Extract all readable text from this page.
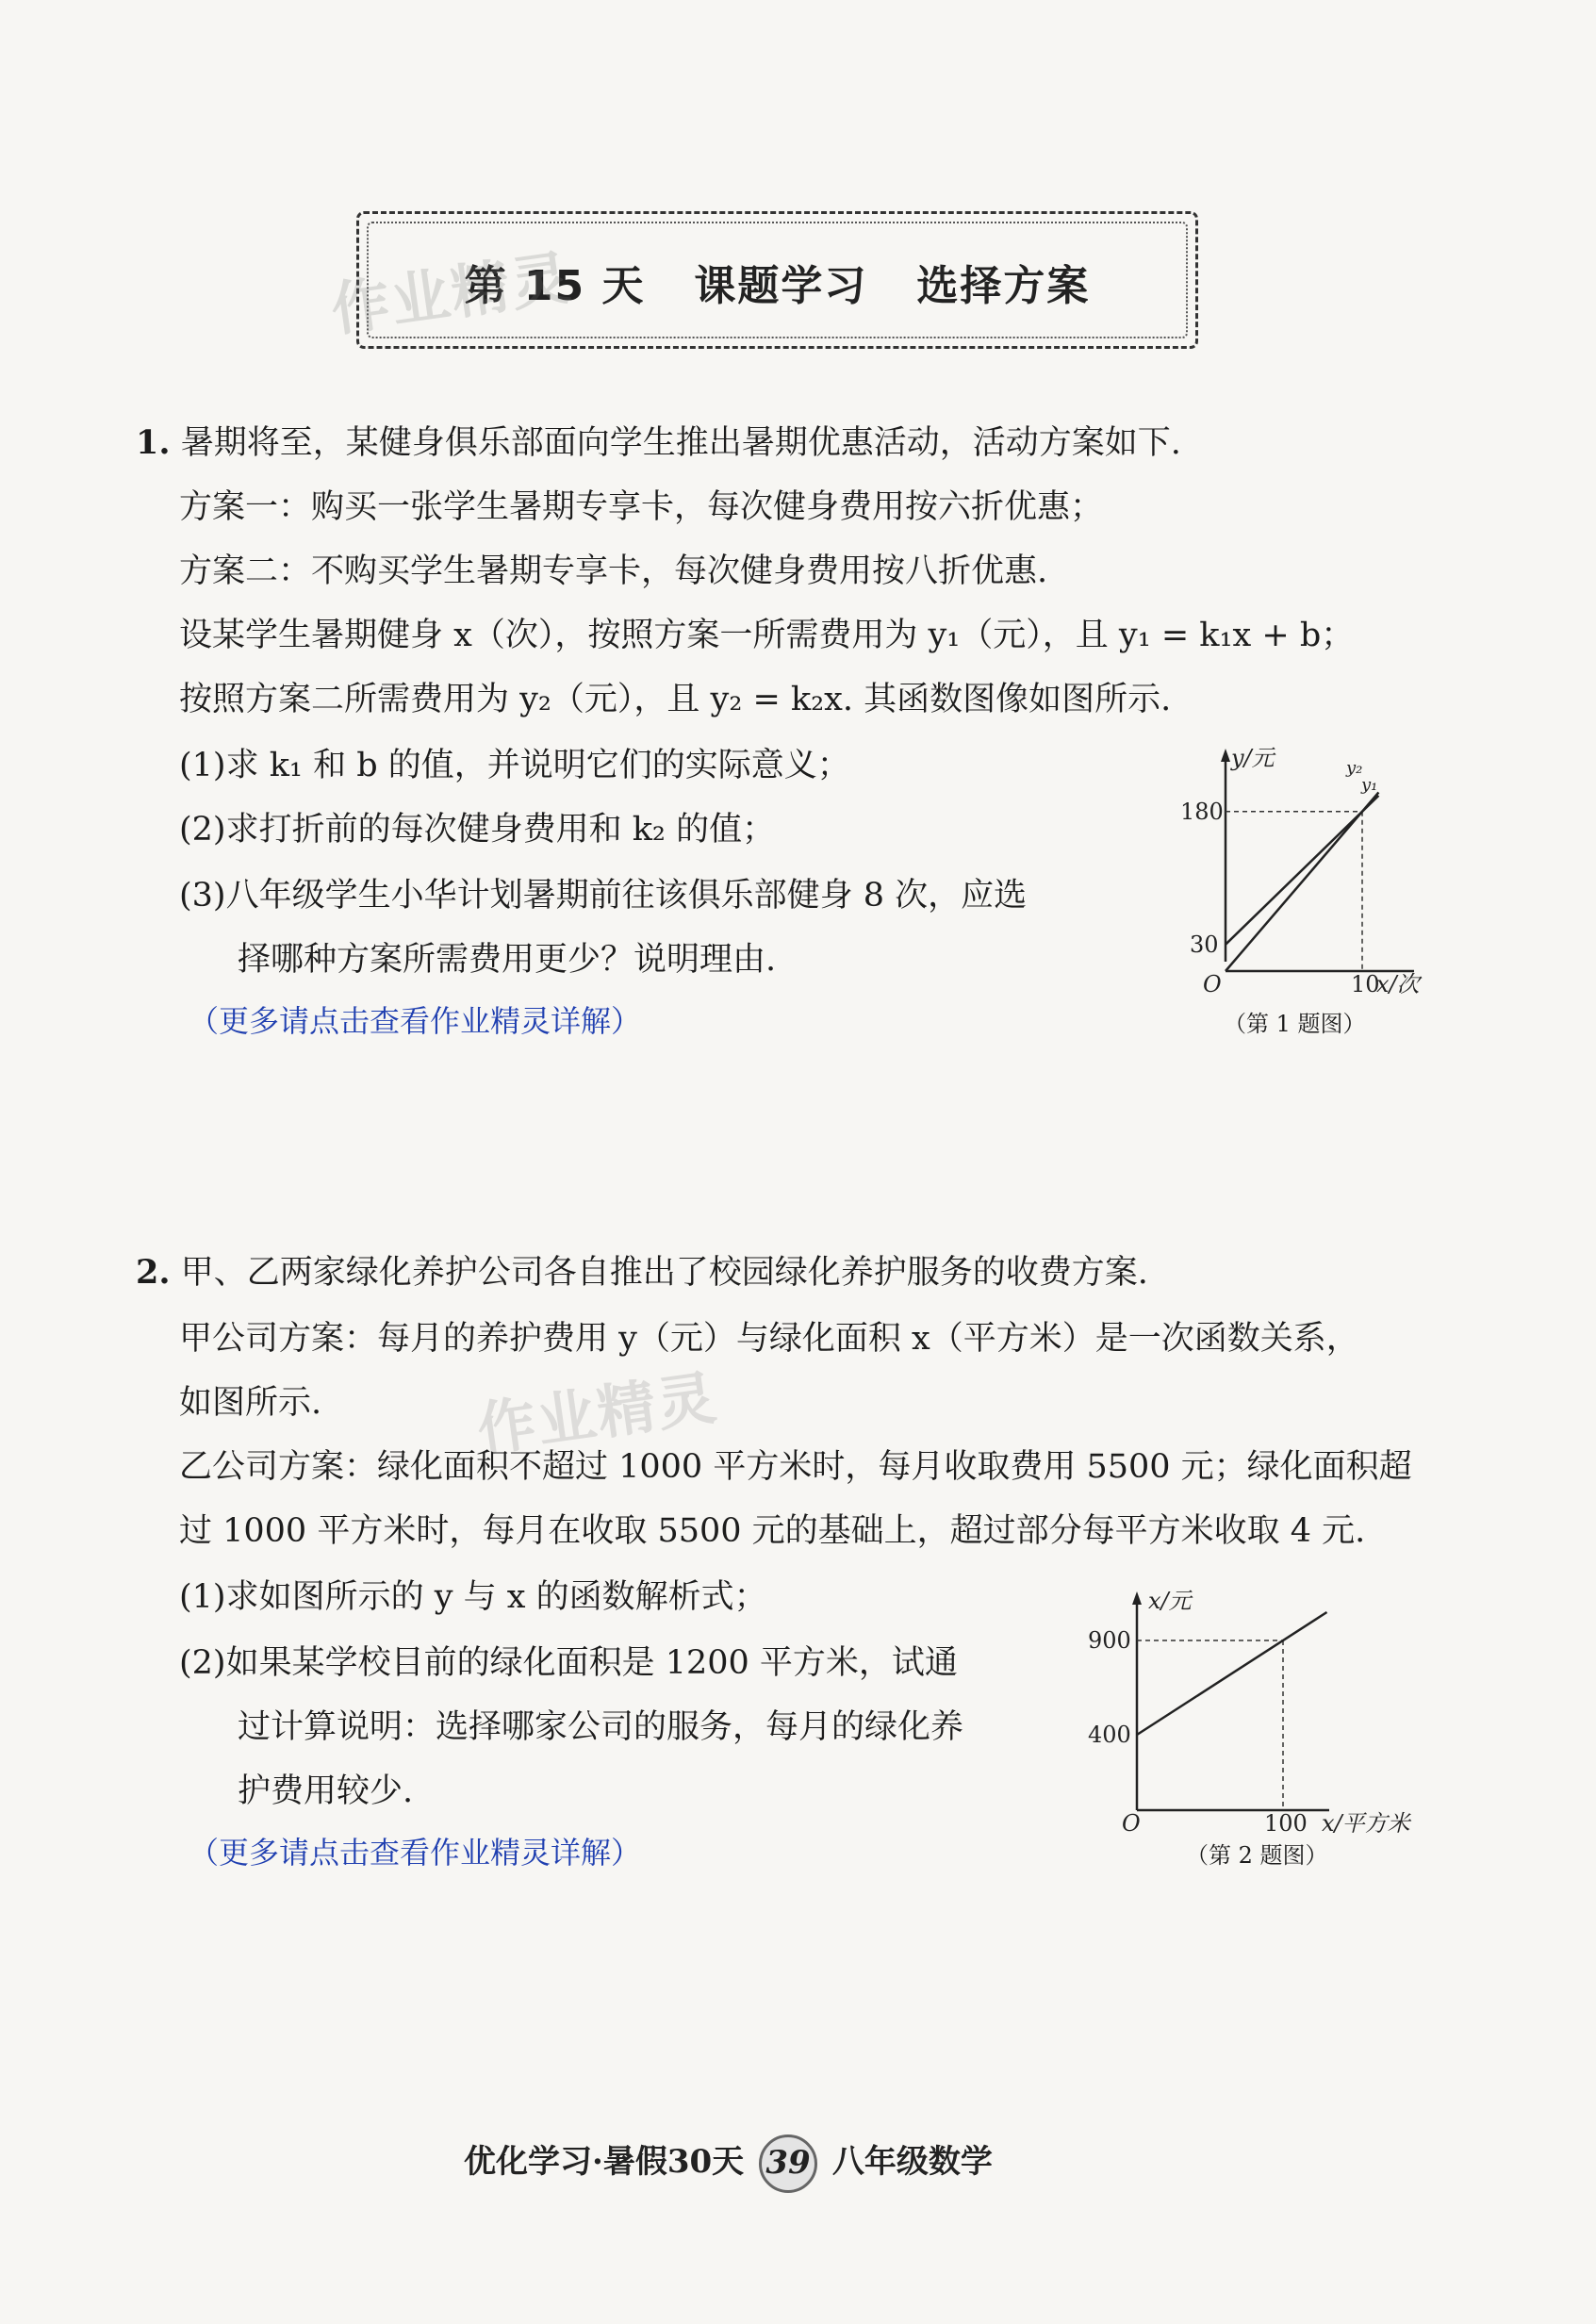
第 15 天   课题学习   选择方案
作业精灵
1. 暑期将至，某健身俱乐部面向学生推出暑期优惠活动，活动方案如下.
方案一：购买一张学生暑期专享卡，每次健身费用按六折优惠；
方案二：不购买学生暑期专享卡，每次健身费用按八折优惠.
设某学生暑期健身 x（次），按照方案一所需费用为 y₁（元），且 y₁ = k₁x + b；
按照方案二所需费用为 y₂（元），且 y₂ = k₂x. 其函数图像如图所示.
(1)求 k₁ 和 b 的值，并说明它们的实际意义；
(2)求打折前的每次健身费用和 k₂ 的值；
(3)八年级学生小华计划暑期前往该俱乐部健身 8 次，应选
择哪种方案所需费用更少？说明理由.
（更多请点击查看作业精灵详解）
y/元
180
30
O	10
x/次
y₂
y₁
（第 1 题图）
2. 甲、乙两家绿化养护公司各自推出了校园绿化养护服务的收费方案.
甲公司方案：每月的养护费用 y（元）与绿化面积 x（平方米）是一次函数关系，
如图所示.	作业精灵
乙公司方案：绿化面积不超过 1000 平方米时，每月收取费用 5500 元；绿化面积超
过 1000 平方米时，每月在收取 5500 元的基础上，超过部分每平方米收取 4 元.
(1)求如图所示的 y 与 x 的函数解析式；
(2)如果某学校目前的绿化面积是 1200 平方米，试通
过计算说明：选择哪家公司的服务，每月的绿化养
护费用较少.
（更多请点击查看作业精灵详解）
x/元
900
400
O	100 x/平方米
（第 2 题图）
优化学习·暑假30天 39 八年级数学
